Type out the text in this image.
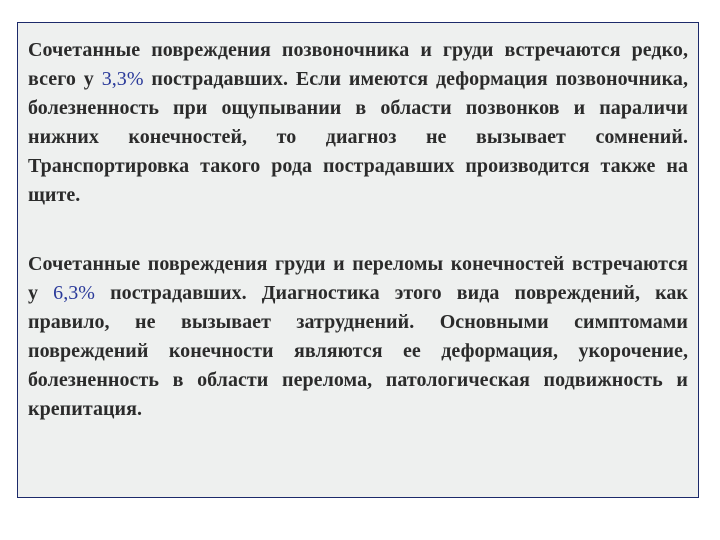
Сочетанные повреждения позвоночника и груди встречаются редко, всего у 3,3% пострадавших. Если имеются деформация позвоночника, болезненность при ощупывании в области позвонков и параличи нижних конечностей, то диагноз не вызывает сомнений. Транспортировка такого рода пострадавших производится также на щите.

Сочетанные повреждения груди и переломы конечностей встречаются у 6,3% пострадавших. Диагностика этого вида повреждений, как правило, не вызывает затруднений. Основными симптомами повреждений конечности являются ее деформация, укорочение, болезненность в области перелома, патологическая подвижность и крепитация.
